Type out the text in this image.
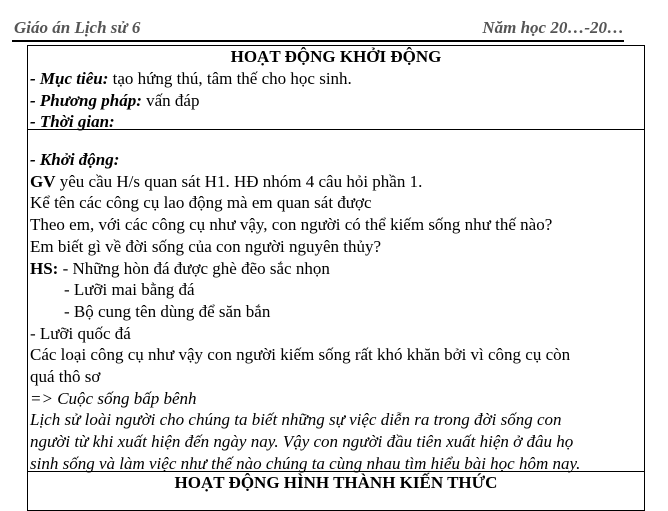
Giáo án Lịch sử 6	Năm học 20…-20…
HOẠT ĐỘNG KHỞI ĐỘNG
- Mục tiêu: tạo hứng thú, tâm thế cho học sinh.
- Phương pháp: vấn đáp
- Thời gian:
- Khởi động:
GV yêu cầu H/s quan sát H1. HĐ nhóm 4 câu hỏi phần 1.
Kể tên các công cụ lao động mà em quan sát được
Theo em, với các công cụ như vậy, con người có thể kiếm sống như thế nào?
Em biết gì về đời sống của con người nguyên thủy?
HS: - Những hòn đá được ghè đẽo sắc nhọn
- Lưỡi mai bằng đá
- Bộ cung tên dùng để săn bắn
- Lưỡi quốc đá
Các loại công cụ như vậy con người kiếm sống rất khó khăn bởi vì công cụ còn
quá thô sơ
=> Cuộc sống bấp bênh
Lịch sử loài người cho chúng ta biết những sự việc diễn ra trong đời sống con
người từ khi xuất hiện đến ngày nay. Vậy con người đầu tiên xuất hiện ở đâu họ
sinh sống và làm việc như thế nào chúng ta cùng nhau tìm hiểu bài học hôm nay.
HOẠT ĐỘNG HÌNH THÀNH KIẾN THỨC
